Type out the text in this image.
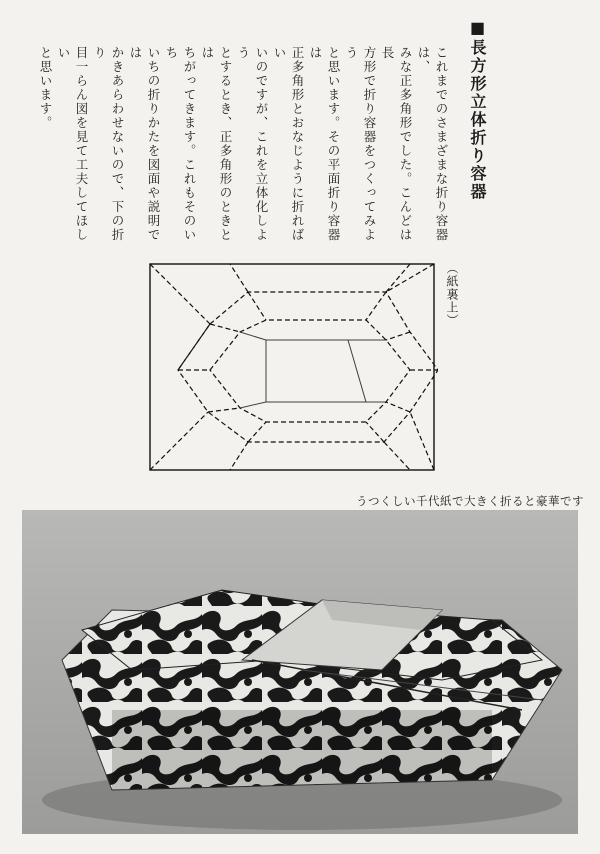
■長方形立体折り容器

これまでのさまざまな折り容器は、

みな正多角形でした。こんどは長

方形で折り容器をつくってみよう

と思います。その平面折り容器は

正多角形とおなじように折ればい

いのですが、これを立体化しよう

とするとき、正多角形のときとは

ちがってきます。これもそのいち

いちの折りかたを図面や説明では

かきあらわせないので、下の折り

目一らん図を見て工夫してほしい

と思います。

（紙裏上）
うつくしい千代紙で大きく折ると豪華です
